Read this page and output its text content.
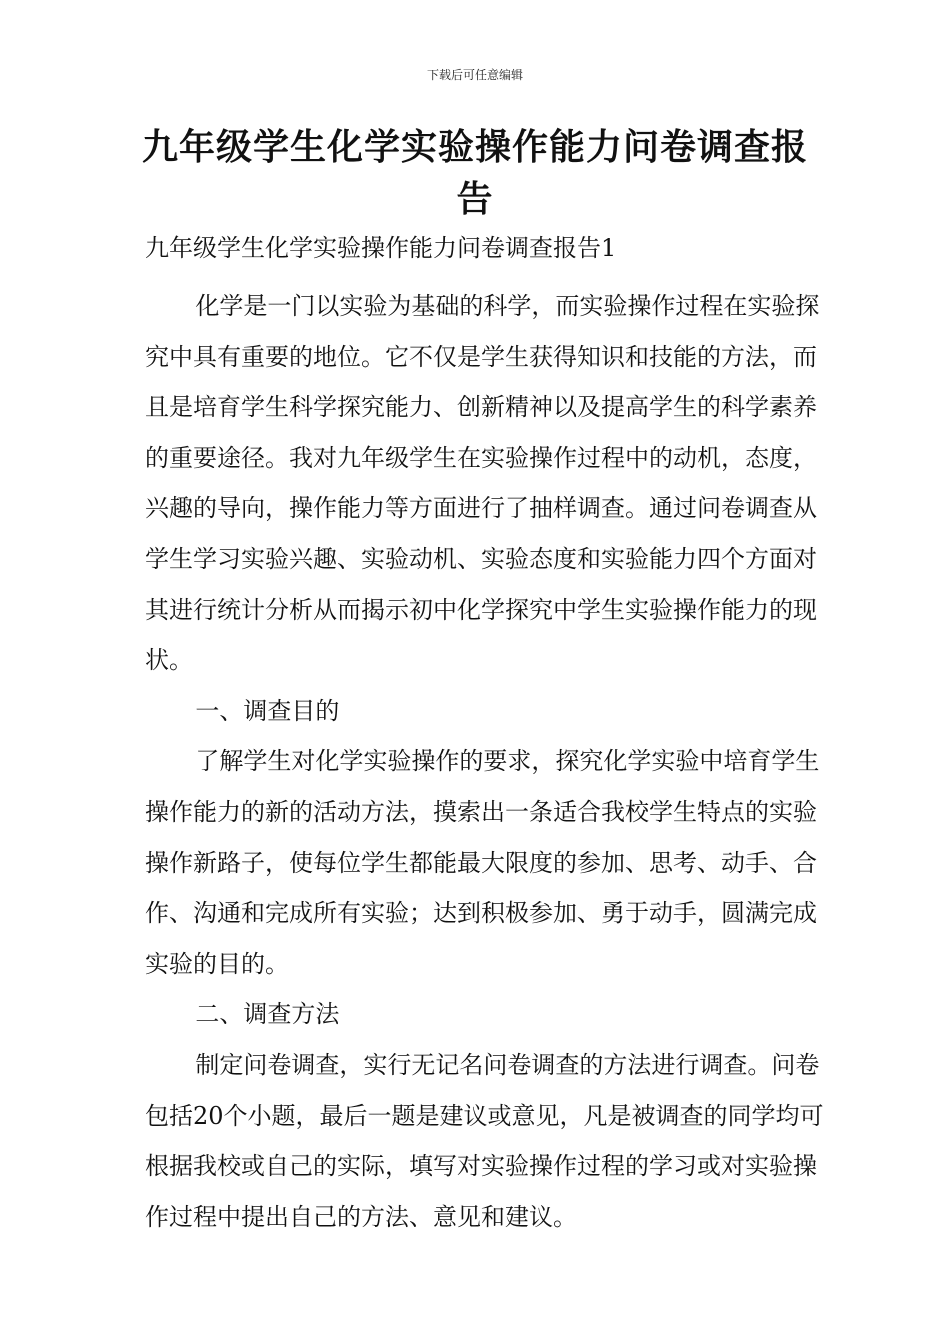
下载后可任意编辑
九年级学生化学实验操作能力问卷调查报告
九年级学生化学实验操作能力问卷调查报告1

化学是一门以实验为基础的科学，而实验操作过程在实验探究中具有重要的地位。它不仅是学生获得知识和技能的方法，而且是培育学生科学探究能力、创新精神以及提高学生的科学素养的重要途径。我对九年级学生在实验操作过程中的动机，态度，兴趣的导向，操作能力等方面进行了抽样调查。通过问卷调查从学生学习实验兴趣、实验动机、实验态度和实验能力四个方面对其进行统计分析从而揭示初中化学探究中学生实验操作能力的现状。

一、调查目的

了解学生对化学实验操作的要求，探究化学实验中培育学生操作能力的新的活动方法，摸索出一条适合我校学生特点的实验操作新路子，使每位学生都能最大限度的参加、思考、动手、合作、沟通和完成所有实验；达到积极参加、勇于动手，圆满完成实验的目的。

二、调查方法

制定问卷调查，实行无记名问卷调查的方法进行调查。问卷包括20个小题，最后一题是建议或意见，凡是被调查的同学均可根据我校或自己的实际，填写对实验操作过程的学习或对实验操作过程中提出自己的方法、意见和建议。
